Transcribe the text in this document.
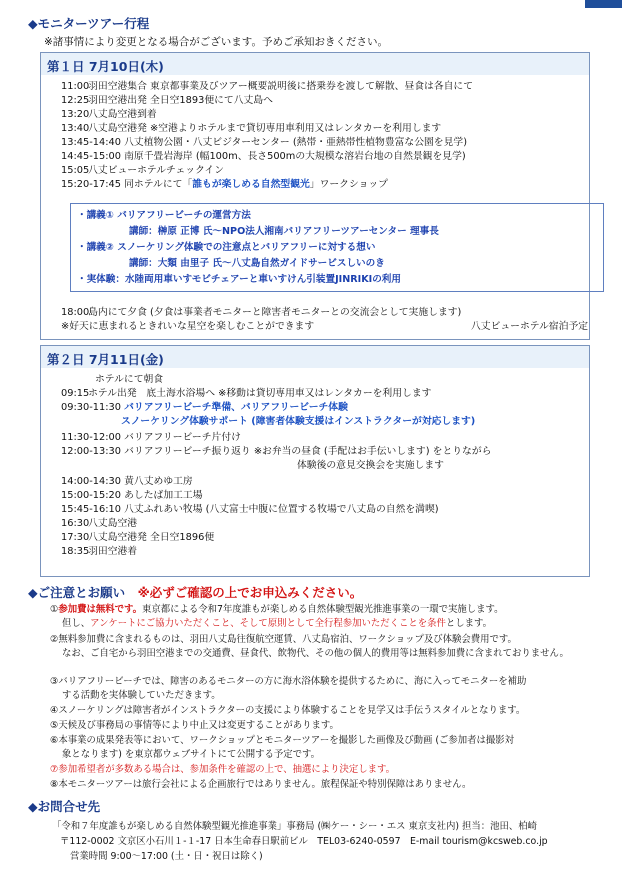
◆モニターツアー行程
※諸事情により変更となる場合がございます。予めご承知おきください。
第１日 7月10日(木)
11:00 羽田空港集合 東京都事業及びツアー概要説明後に搭乗券を渡して解散、昼食は各自にて
12:25 羽田空港出発 全日空1893便にて八丈島へ
13:20 八丈島空港到着
13:40 八丈島空港発 ※空港よりホテルまで貸切専用車利用又はレンタカーを利用します
13:45-14:40 八丈植物公園・八丈ビジターセンター (熱帯・亜熱帯性植物豊富な公園を見学)
14:45-15:00 南原千畳岩海岸 (幅100m、長さ500mの大規模な溶岩台地の自然景観を見学)
15:05 八丈ビューホテルチェックイン
15:20-17:45 同ホテルにて「誰もが楽しめる自然型観光」ワークショップ
・講義① バリアフリービーチの運営方法
講師：榊原 正博 氏～NPO法人湘南バリアフリーツアーセンター 理事長
・講義② スノーケリング体験での注意点とバリアフリーに対する想い
講師：大類 由里子 氏～八丈島自然ガイドサービスしいのき
・実体験：水陸両用車いすモビチェアーと車いすけん引装置JINRIKIの利用
18:00 島内にて夕食 (夕食は事業者モニターと障害者モニターとの交流会として実施します)
※好天に恵まれるときれいな星空を楽しむことができます	八丈ビューホテル宿泊予定
第２日 7月11日(金)
ホテルにて朝食
09:15 ホテル出発　底土海水浴場へ ※移動は貸切専用車又はレンタカーを利用します
09:30-11:30 バリアフリービーチ準備、バリアフリービーチ体験
スノーケリング体験サポート (障害者体験支援はインストラクターが対応します)
11:30-12:00 バリアフリービーチ片付け
12:00-13:30 バリアフリービーチ振り返り ※お弁当の昼食 (手配はお手伝いします) をとりながら
体験後の意見交換会を実施します
14:00-14:30 黄八丈めゆ工房
15:00-15:20 あしたば加工工場
15:45-16:10 八丈ふれあい牧場 (八丈富士中腹に位置する牧場で八丈島の自然を満喫)
16:30 八丈島空港
17:30 八丈島空港発 全日空1896便
18:35 羽田空港着
◆ご注意とお願い　 ※必ずご確認の上でお申込みください。
①参加費は無料です。東京都による令和7年度誰もが楽しめる自然体験型観光推進事業の一環で実施します。
但し、アンケートにご協力いただくこと、そして原則として全行程参加いただくことを条件とします。
②無料参加費に含まれるものは、羽田八丈島往復航空運賃、八丈島宿泊、ワークショップ及び体験会費用です。
なお、ご自宅から羽田空港までの交通費、昼食代、飲物代、その他の個人的費用等は無料参加費に含まれておりません。
③バリアフリービーチでは、障害のあるモニターの方に海水浴体験を提供するために、海に入ってモニターを補助
する活動を実体験していただきます。
④スノーケリングは障害者がインストラクターの支援により体験することを見学又は手伝うスタイルとなります。
⑤天候及び事務局の事情等により中止又は変更することがあります。
⑥本事業の成果発表等において、ワークショップとモニターツアーを撮影した画像及び動画 (ご参加者は撮影対
象となります) を東京都ウェブサイトにて公開する予定です。
⑦参加希望者が多数ある場合は、参加条件を確認の上で、抽選により決定します。
⑧本モニターツアーは旅行会社による企画旅行ではありません。旅程保証や特別保障はありません。
◆お問合せ先
「令和７年度誰もが楽しめる自然体験型観光推進事業」事務局 (㈱ケー・シー・エス 東京支社内) 担当：池田、柏崎
〒112-0002 文京区小石川１-１-17 日本生命春日駅前ビル　TEL03-6240-0597　E-mail tourism@kcsweb.co.jp
営業時間 9:00～17:00 (土・日・祝日は除く)
